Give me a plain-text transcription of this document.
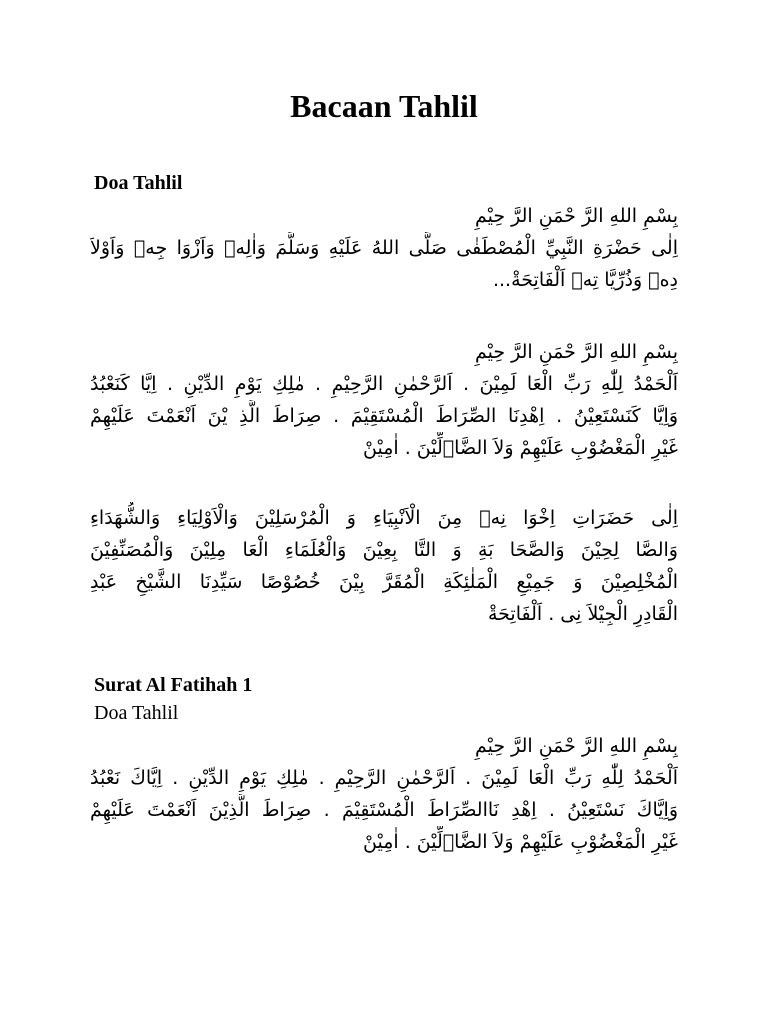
Bacaan Tahlil
Doa Tahlil
بِسْمِ اللهِ الرَّ حْمَنِ الرَّ حِيْمِ
اِلٰى حَضْرَةِ النَّبِيِّ الْمُصْطَفٰى صَلَّى اللهُ عَلَيْهِ وَسَلَّمَ وَاٰلِهٖ وَاَزْوَا جِهٖ وَاَوْلاَ
دِهٖ وَذُرِّيَّا تِهٖ اَلْفَاتِحَةْ...
بِسْمِ اللهِ الرَّ حْمَنِ الرَّ حِيْمِ
اَلْحَمْدُ لِلّٰهِ رَبِّ الْعَا لَمِيْنَ . اَلرَّحْمٰنِ الرَّحِيْمِ . مٰلِكِ يَوْمِ الدِّيْنِ . اِيَّا كَنَعْبُدُ
وَاِيَّا كَنَسْتَعِيْنُ . اِهْدِنَا الصِّرَاطَ الْمُسْتَقِيْمَ . صِرَاطَ الَّذِ يْنَ اَنْعَمْتَ عَلَيْهِمْ
غَيْرِ الْمَغْضُوْبِ عَلَيْهِمْ وَلاَ الضَّاۤلِّيْنَ . اٰمِيْنْ
اِلٰى حَضَرَاتِ اِخْوَا نِهٖ مِنَ الْاَنْبِيَاءِ وَ الْمُرْسَلِيْنَ وَالْاَوْلِيَاءِ وَالشُّهَدَاءِ
وَالصَّا لِحِيْنَ وَالصَّحَا بَةِ وَ التَّا بِعِيْنَ وَالْعُلَمَاءِ الْعَا مِلِيْنَ وَالْمُصَنِّفِيْنَ
الْمُخْلِصِيْنَ وَ جَمِيْعِ الْمَلٰئِكَةِ الْمُقَرَّ بِيْنَ خُصُوْصًا سَيِّدِنَا الشَّيْخِ عَبْدِ
الْقَادِرِ الْجِيْلاَ نِى . اَلْفَاتِحَةْ
Surat Al Fatihah 1
Doa Tahlil
بِسْمِ اللهِ الرَّ حْمَنِ الرَّ حِيْمِ
اَلْحَمْدُ لِلّٰهِ رَبِّ الْعَا لَمِيْنَ . اَلرَّحْمٰنِ الرَّحِيْمِ . مٰلِكِ يَوْمِ الدِّيْنِ . اِيَّاكَ نَعْبُدُ
وَاِيَّاكَ نَسْتَعِيْنُ . اِهْدِ نَاالصِّرَاطَ الْمُسْتَقِيْمَ . صِرَاطَ الَّذِيْنَ اَنْعَمْتَ عَلَيْهِمْ
غَيْرِ الْمَغْضُوْبِ عَلَيْهِمْ وَلاَ الضَّاۤلِّيْنَ . اٰمِيْنْ
